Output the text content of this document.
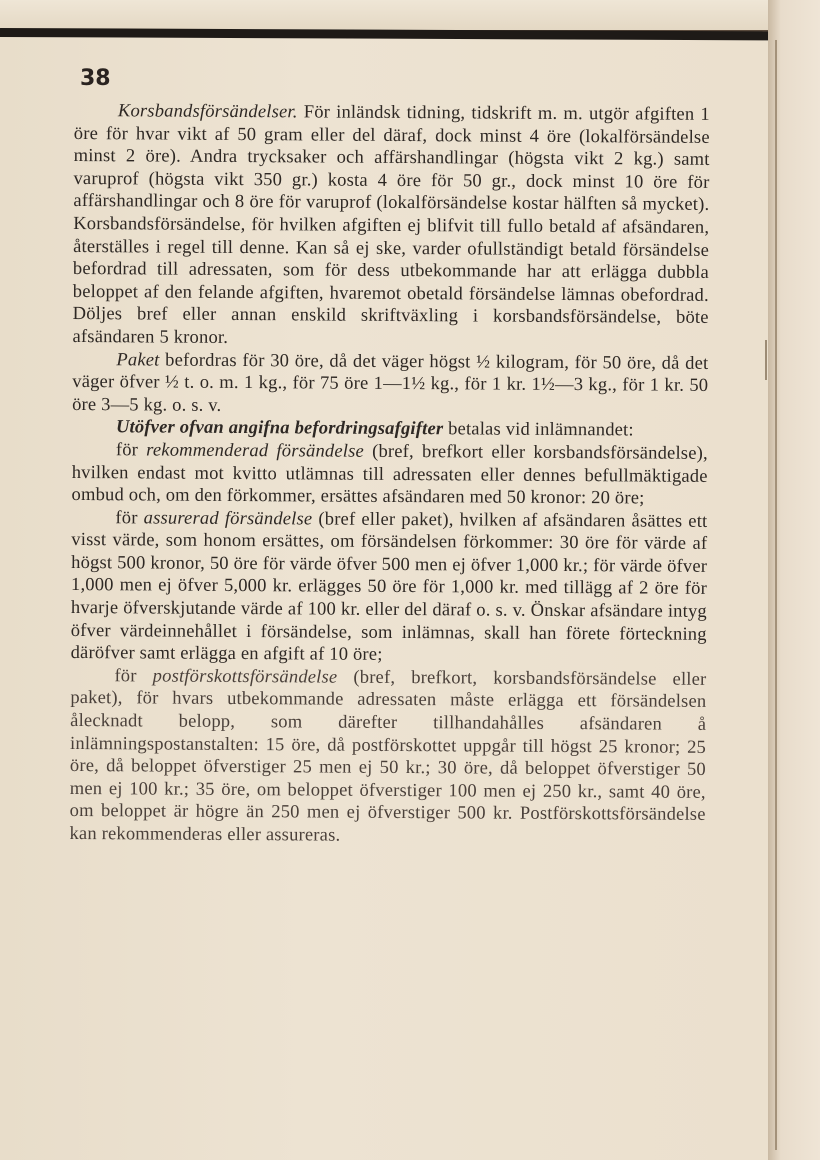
38

Korsbandsförsändelser. För inländsk tidning, tidskrift m. m. utgör afgiften 1 öre för hvar vikt af 50 gram eller del däraf, dock minst 4 öre (lokalförsändelse minst 2 öre). Andra trycksaker och affärshandlingar (högsta vikt 2 kg.) samt varuprof (högsta vikt 350 gr.) kosta 4 öre för 50 gr., dock minst 10 öre för affärshandlingar och 8 öre för varuprof (lokalförsändelse kostar hälften så mycket). Korsbandsförsändelse, för hvilken afgiften ej blifvit till fullo betald af afsändaren, återställes i regel till denne. Kan så ej ske, varder ofullständigt betald försändelse befordrad till adressaten, som för dess utbekommande har att erlägga dubbla beloppet af den felande afgiften, hvaremot obetald försändelse lämnas obefordrad. Döljes bref eller annan enskild skriftväxling i korsbandsförsändelse, böte afsändaren 5 kronor.

Paket befordras för 30 öre, då det väger högst ½ kilogram, för 50 öre, då det väger öfver ½ t. o. m. 1 kg., för 75 öre 1—1½ kg., för 1 kr. 1½—3 kg., för 1 kr. 50 öre 3—5 kg. o. s. v.

Utöfver ofvan angifna befordringsafgifter betalas vid inlämnandet:

för rekommenderad försändelse (bref, brefkort eller korsbandsförsändelse), hvilken endast mot kvitto utlämnas till adressaten eller dennes befullmäktigade ombud och, om den förkommer, ersättes afsändaren med 50 kronor: 20 öre;

för assurerad försändelse (bref eller paket), hvilken af afsändaren åsättes ett visst värde, som honom ersättes, om försändelsen förkommer: 30 öre för värde af högst 500 kronor, 50 öre för värde öfver 500 men ej öfver 1,000 kr.; för värde öfver 1,000 men ej öfver 5,000 kr. erlägges 50 öre för 1,000 kr. med tillägg af 2 öre för hvarje öfverskjutande värde af 100 kr. eller del däraf o. s. v. Önskar afsändare intyg öfver värdeinnehållet i försändelse, som inlämnas, skall han förete förteckning däröfver samt erlägga en afgift af 10 öre;

för postförskottsförsändelse (bref, brefkort, korsbandsförsändelse eller paket), för hvars utbekommande adressaten måste erlägga ett försändelsen ålecknadt belopp, som därefter tillhandahålles afsändaren å inlämningspostanstalten: 15 öre, då postförskottet uppgår till högst 25 kronor; 25 öre, då beloppet öfverstiger 25 men ej 50 kr.; 30 öre, då beloppet öfverstiger 50 men ej 100 kr.; 35 öre, om beloppet öfverstiger 100 men ej 250 kr., samt 40 öre, om beloppet är högre än 250 men ej öfverstiger 500 kr. Postförskottsförsändelse kan rekommenderas eller assureras.
